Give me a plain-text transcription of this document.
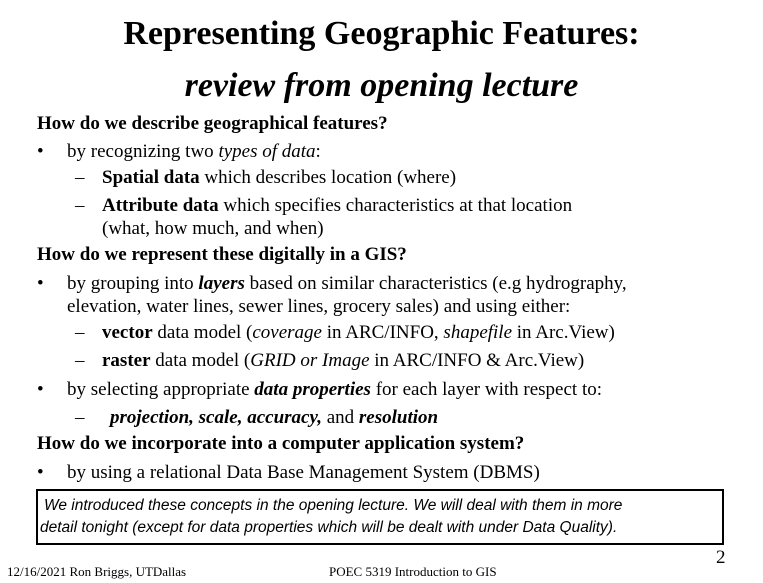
Representing Geographic Features:
review from opening lecture
How do we describe geographical features?
• by recognizing two types of data:
– Spatial data which describes location (where)
– Attribute data which specifies characteristics at that location
(what, how much, and when)
How do we represent these digitally in a GIS?
• by grouping into layers based on similar characteristics (e.g hydrography,
elevation, water lines, sewer lines, grocery sales) and using either:
– vector data model (coverage in ARC/INFO, shapefile in Arc.View)
– raster data model (GRID or Image in ARC/INFO & Arc.View)
• by selecting appropriate data properties for each layer with respect to:
– projection, scale, accuracy, and resolution
How do we incorporate into a computer application system?
• by using a relational Data Base Management System (DBMS)
We introduced these concepts in the opening lecture. We will deal with them in more
detail tonight (except for data properties which will be dealt with under Data Quality).
12/16/2021 Ron Briggs, UTDallas	POEC 5319 Introduction to GIS
2
